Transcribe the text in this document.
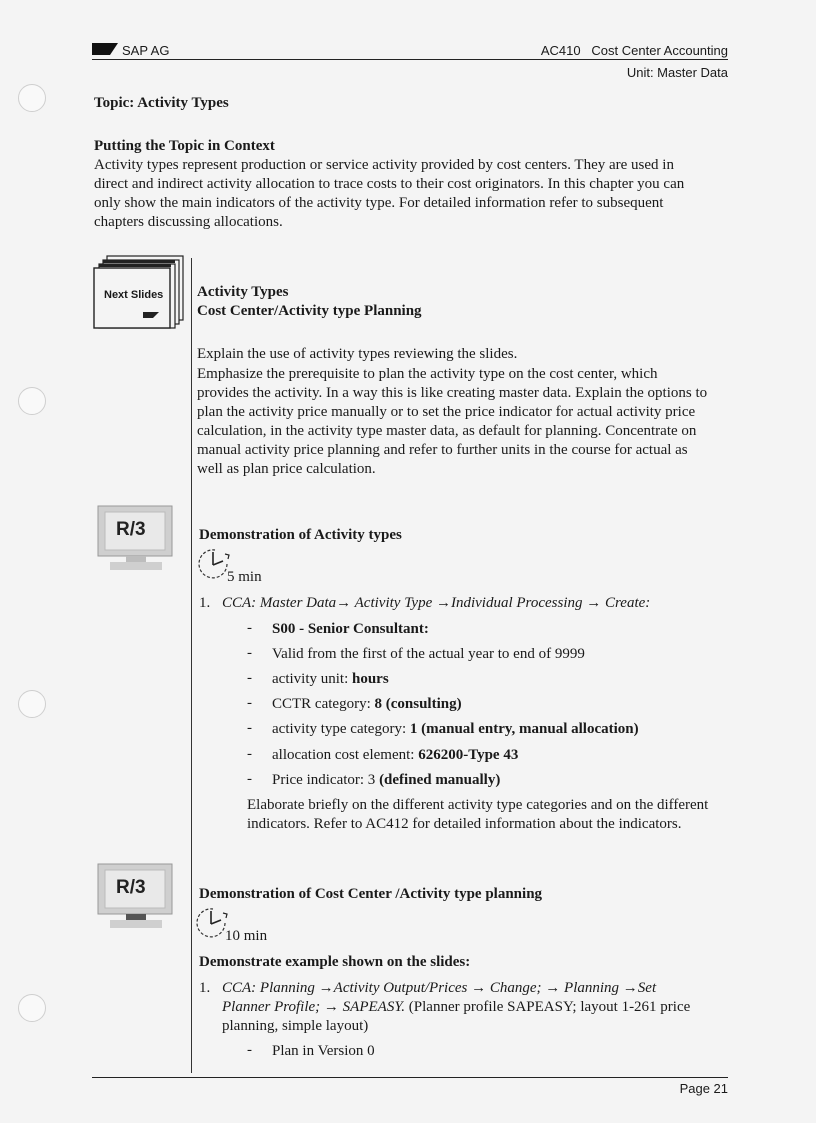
SAP AG	AC410 Cost Center Accounting
Unit: Master Data
Topic: Activity Types
Putting the Topic in Context
Activity types represent production or service activity provided by cost centers. They are used in
direct and indirect activity allocation to trace costs to their cost originators. In this chapter you can
only show the main indicators of the activity type. For detailed information refer to subsequent
chapters discussing allocations.
Next Slides Activity Types
Cost Center/Activity type Planning
Explain the use of activity types reviewing the slides.
Emphasize the prerequisite to plan the activity type on the cost center, which
provides the activity. In a way this is like creating master data. Explain the options to
plan the activity price manually or to set the price indicator for actual activity price
calculation, in the activity type master data, as default for planning. Concentrate on
manual activity price planning and refer to further units in the course for actual as
well as plan price calculation.
R/3	Demonstration of Activity types
5 min
1. CCA: Master Data→ Activity Type →Individual Processing → Create:
- S00 - Senior Consultant:
- Valid from the first of the actual year to end of 9999
- activity unit: hours
- CCTR category: 8 (consulting)
- activity type category: 1 (manual entry, manual allocation)
- allocation cost element: 626200-Type 43
- Price indicator: 3 (defined manually)
Elaborate briefly on the different activity type categories and on the different
indicators. Refer to AC412 for detailed information about the indicators.
R/3	Demonstration of Cost Center /Activity type planning
10 min
Demonstrate example shown on the slides:
1. CCA: Planning →Activity Output/Prices → Change; → Planning →Set
Planner Profile; → SAPEASY. (Planner profile SAPEASY; layout 1-261 price
planning, simple layout)
- Plan in Version 0
Page 21
